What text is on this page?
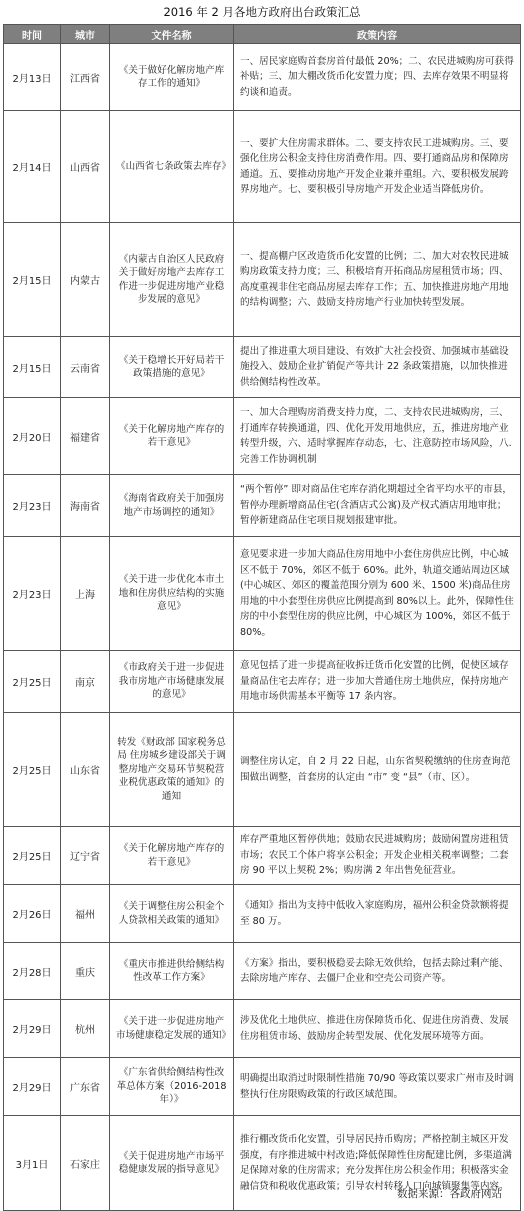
2016 年 2 月各地方政府出台政策汇总
时间	城市	文件名称	政策内容
2月13日	江西省	《关于做好化解房地产库存工作的通知》	一、居民家庭购首套房首付最低 20%；二、农民进城购房可获得补贴；三、加大棚改货币化安置力度；四、去库存效果不明显将约谈和追责。
2月14日	山西省	《山西省七条政策去库存》	一、要扩大住房需求群体。二、要支持农民工进城购房。三、要强化住房公积金支持住房消费作用。四、要打通商品房和保障房通道。五、要推动房地产开发企业兼并重组。六、要积极发展跨界房地产。七、要积极引导房地产开发企业适当降低房价。
2月15日	内蒙古	《内蒙古自治区人民政府关于做好房地产去库存工作进一步促进房地产业稳步发展的意见》	一、提高棚户区改造货币化安置的比例；二、加大对农牧民进城购房政策支持力度；三、积极培育开拓商品房屋租赁市场；四、高度重视非住宅商品房屋去库存工作；五、加快推进房地产用地的结构调整；六、鼓励支持房地产行业加快转型发展。
2月15日	云南省	《关于稳增长开好局若干政策措施的意见》	提出了推进重大项目建设、有效扩大社会投资、加强城市基础设施投入、鼓励企业扩销促产等共计 22 条政策措施，以加快推进供给侧结构性改革。
2月20日	福建省	《关于化解房地产库存的若干意见》	一、加大合理购房消费支持力度，二、支持农民进城购房，三、打通库存转换通道，四、优化开发用地供应，五，推进房地产业转型升级，六、适时掌握库存动态，七、注意防控市场风险，八.完善工作协调机制
2月23日	海南省	《海南省政府关于加强房地产市场调控的通知》	“两个暂停” 即对商品住宅库存消化期超过全省平均水平的市县，暂停办理新增商品住宅(含酒店式公寓)及产权式酒店用地审批；暂停新建商品住宅项目规划报建审批。
2月23日	上海	《关于进一步优化本市土地和住房供应结构的实施意见》	意见要求进一步加大商品住房用地中小套住房供应比例，中心城区不低于 70%，郊区不低于 60%。此外，轨道交通站周边区域(中心城区、郊区的覆盖范围分别为 600 米、1500 米)商品住房用地的中小套型住房供应比例提高到 80%以上。此外，保障性住房的中小套型住房的供应比例，中心城区为 100%，郊区不低于 80%。
2月25日	南京	《市政府关于进一步促进我市房地产市场健康发展的意见》	意见包括了进一步提高征收拆迁货币化安置的比例，促使区域存量商品住宅去库存；进一步加大普通住房土地供应，保持房地产用地市场供需基本平衡等 17 条内容。
2月25日	山东省	转发《财政部 国家税务总局 住房城乡建设部关于调整房地产交易环节契税营业税优惠政策的通知》的通知	调整住房认定，自 2 月 22 日起，山东省契税缴纳的住房查询范围做出调整，首套房的认定由 “市” 变 “县”（市、区）。
2月25日	辽宁省	《关于化解房地产库存的若干意见》	库存严重地区暂停供地；鼓励农民进城购房；鼓励闲置房进租赁市场；农民工个体户将享公积金；开发企业相关税率调整；二套房 90 平以上契税 2%；购房满 2 年出售免征营业。
2月26日	福州	《关于调整住房公积金个人贷款相关政策的通知》	《通知》指出为支持中低收入家庭购房，福州公积金贷款额将提至 80 万。
2月28日	重庆	《重庆市推进供给侧结构性改革工作方案》	《方案》指出，要积极稳妥去除无效供给，包括去除过剩产能、去除房地产库存、去僵尸企业和空壳公司资产等。
2月29日	杭州	《关于进一步促进房地产市场健康稳定发展的通知》	涉及优化土地供应、推进住房保障货币化、促进住房消费、发展住房租赁市场、鼓励房企转型发展、优化发展环境等方面。
2月29日	广东省	《广东省供给侧结构性改革总体方案（2016-2018 年）》	明确提出取消过时限制性措施 70/90 等政策以要求广州市及时调整执行住房限购政策的行政区域范围。
3月1日	石家庄	《关于促进房地产市场平稳健康发展的指导意见》	推行棚改货币化安置，引导居民持币购房；严格控制主城区开发强度，有序推进城中村改造;降低保障性住房配建比例，多渠道满足保障对象的住房需求；充分发挥住房公积金作用；积极落实金融信贷和税收优惠政策；引导农村转移人口向城镇聚集等内容。
数据来源：各政府网站
